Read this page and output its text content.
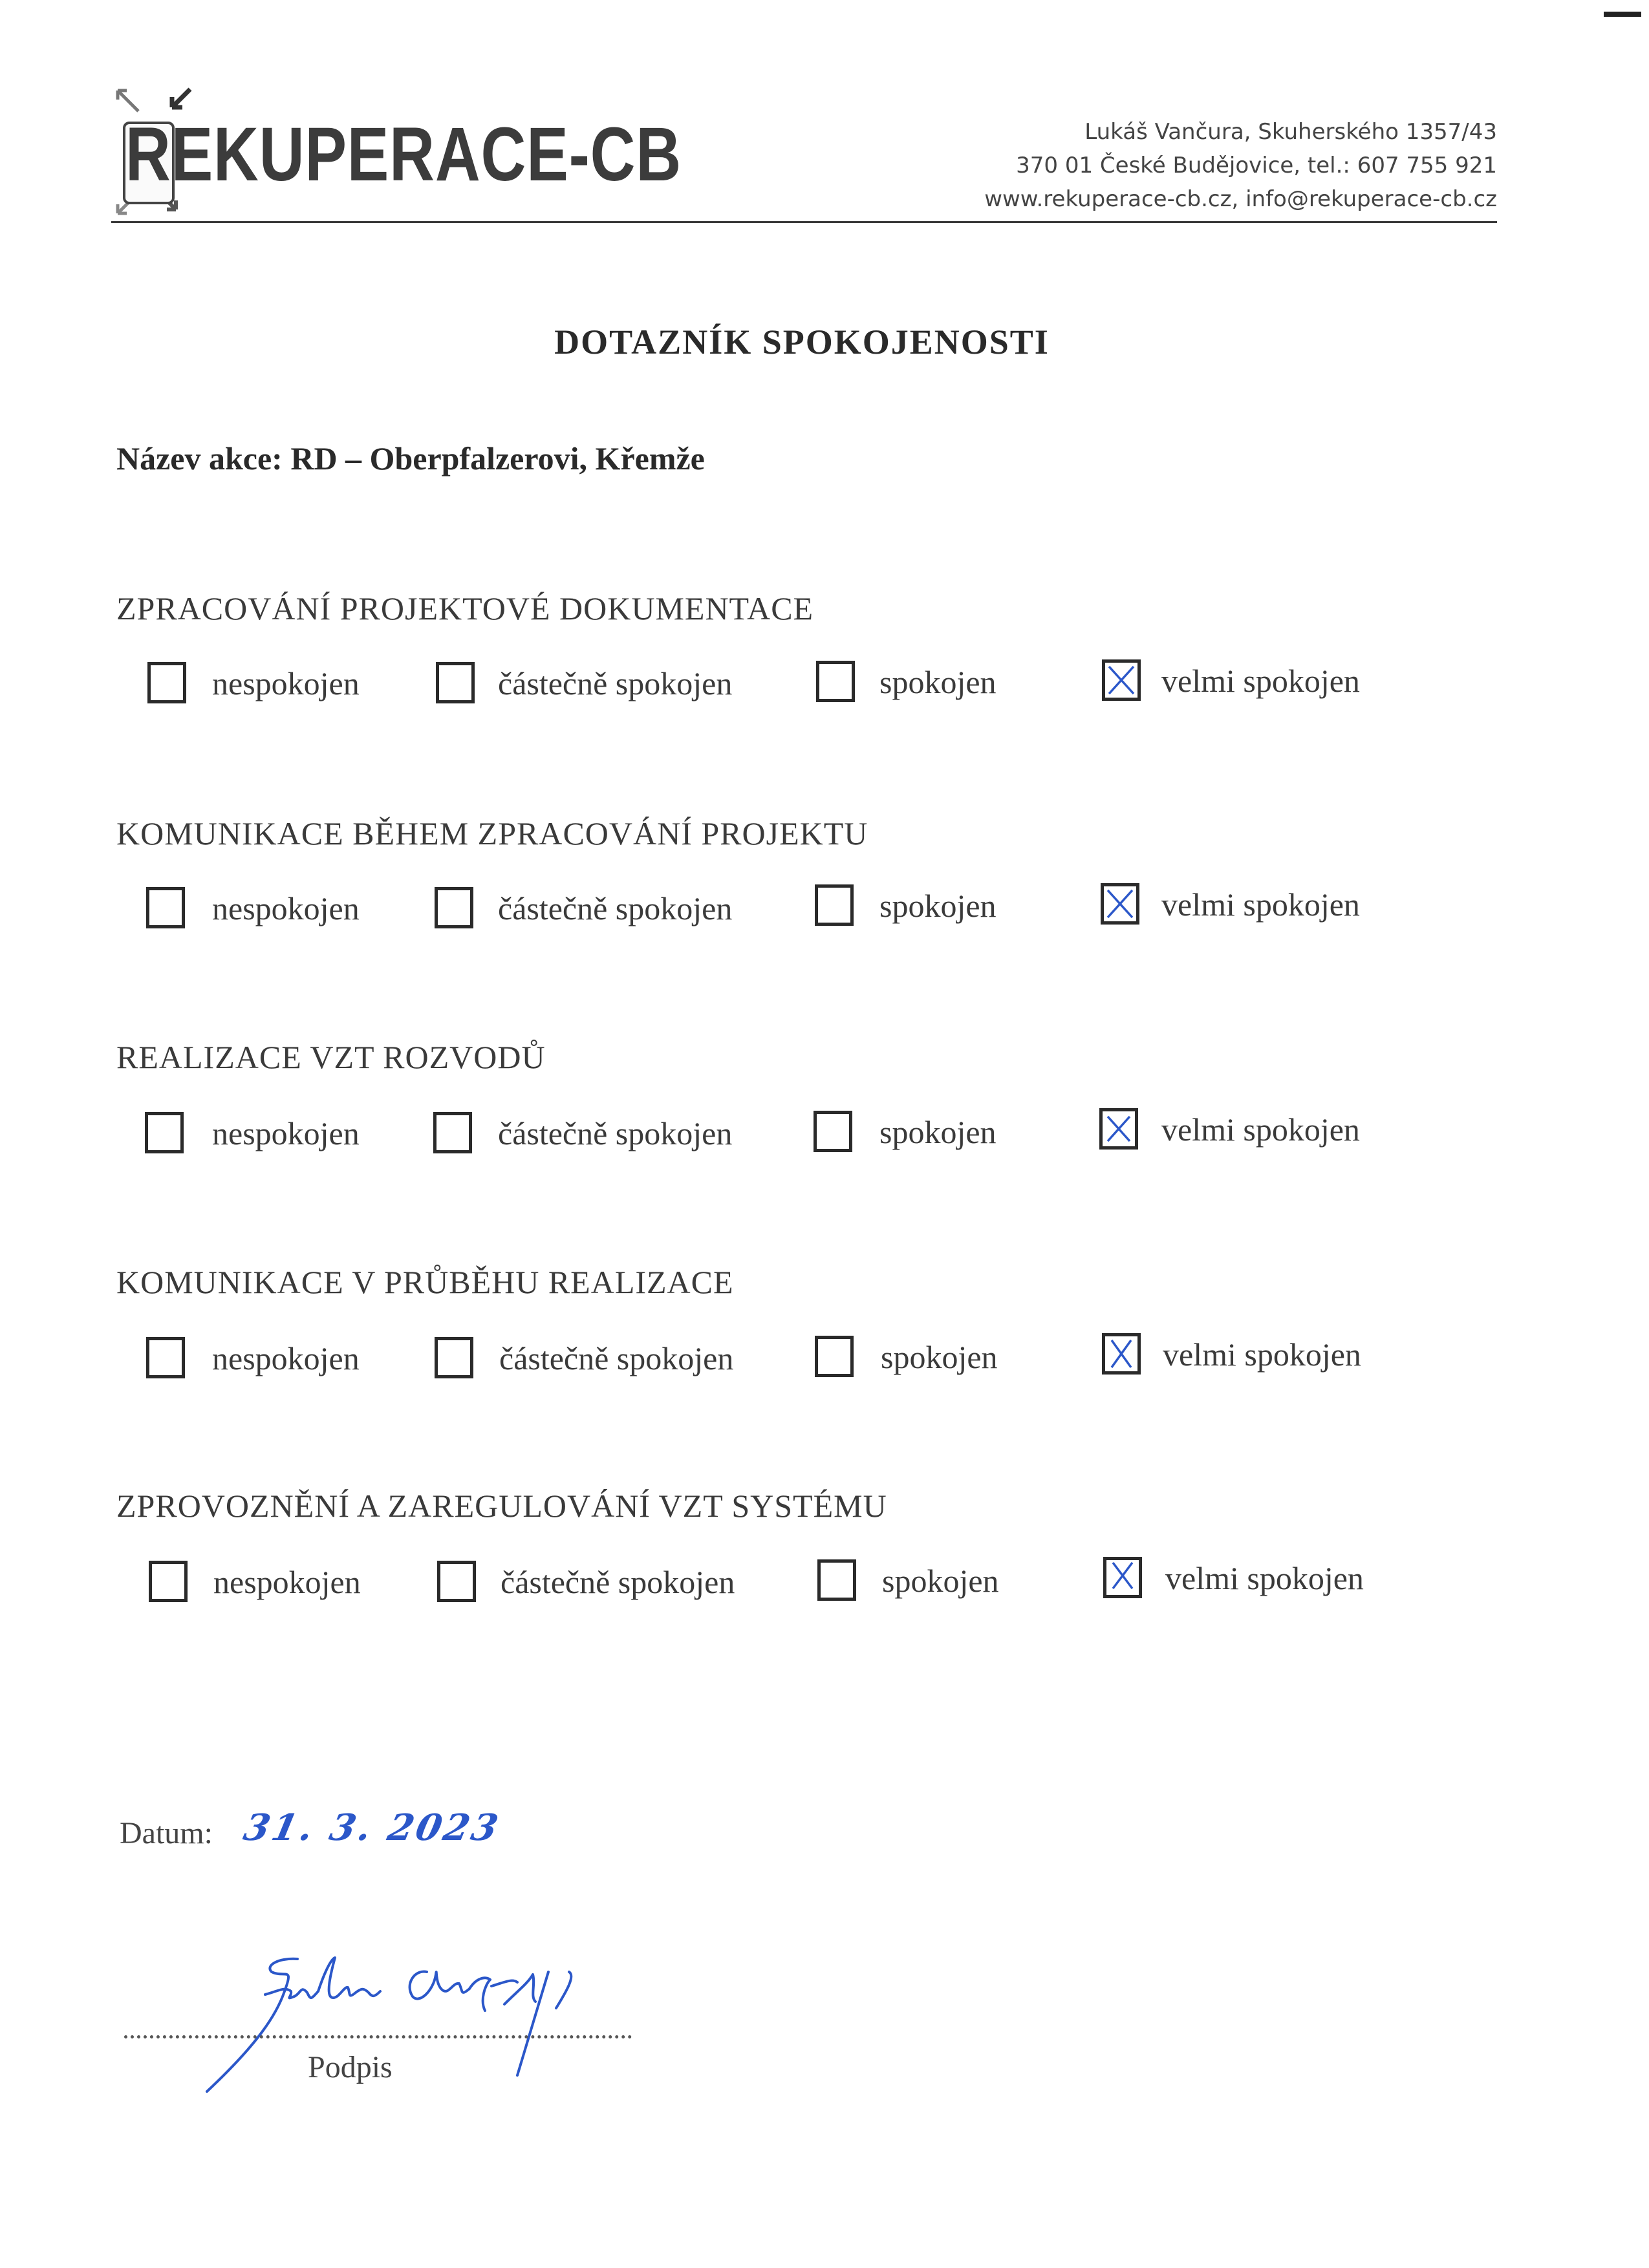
REKUPERACE-CB	Lukáš Vančura, Skuherského 1357/43
370 01 České Budějovice, tel.: 607 755 921
www.rekuperace-cb.cz, info@rekuperace-cb.cz
DOTAZNÍK SPOKOJENOSTI
Název akce: RD – Oberpfalzerovi, Křemže
ZPRACOVÁNÍ PROJEKTOVÉ DOKUMENTACE
nespokojen	částečně spokojen	spokojen	velmi spokojen
KOMUNIKACE BĚHEM ZPRACOVÁNÍ PROJEKTU
nespokojen	částečně spokojen	spokojen	velmi spokojen
REALIZACE VZT ROZVODŮ
nespokojen	částečně spokojen	spokojen	velmi spokojen
KOMUNIKACE V PRŮBĚHU REALIZACE
nespokojen	částečně spokojen	spokojen	velmi spokojen
ZPROVOZNĚNÍ A ZAREGULOVÁNÍ VZT SYSTÉMU
nespokojen	částečně spokojen	spokojen	velmi spokojen
Datum: 31. 3. 2023
Podpis
